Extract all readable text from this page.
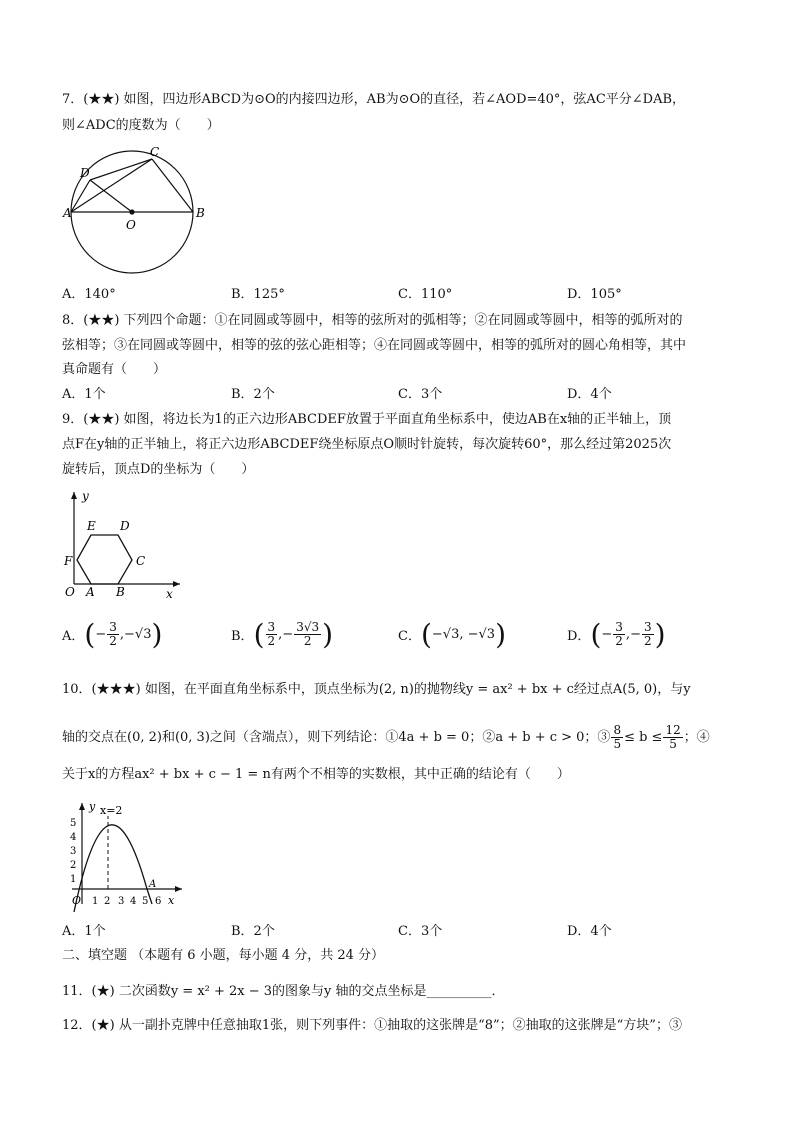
7．(★★) 如图，四边形ABCD为⊙O的内接四边形，AB为⊙O的直径，若∠AOD=40°，弦AC平分∠DAB，
则∠ADC的度数为（　　）
A	B
C
D
O
A．140°	B．125°	C．110°	D．105°
8．(★★) 下列四个命题：①在同圆或等圆中，相等的弦所对的弧相等；②在同圆或等圆中，相等的弧所对的
弦相等；③在同圆或等圆中，相等的弦的弦心距相等；④在同圆或等圆中，相等的弧所对的圆心角相等，其中
真命题有（　　）
A．1个	B．2个	C．3个	D．4个
9．(★★) 如图，将边长为1的正六边形ABCDEF放置于平面直角坐标系中，使边AB在x轴的正半轴上，顶
点F在y轴的正半轴上，将正六边形ABCDEF绕坐标原点O顺时针旋转，每次旋转60°，那么经过第2025次
旋转后，顶点D的坐标为（　　）
y
x
O A B
C
D
E
F
A． ( − $\frac{3}{2}$ , −√3 )	B． ( $\frac{3}{2}$ , − $\frac{3√3}{2}$ )	C． ( −√3, −√3 )	D． ( − $\frac{3}{2}$ , − $\frac{3}{2}$ )
10．(★★★) 如图，在平面直角坐标系中，顶点坐标为(2, n)的抛物线y = ax² + bx + c经过点A(5, 0)，与y
轴的交点在(0, 2)和(0, 3)之间（含端点），则下列结论：①4a + b = 0；②a + b + c > 0；③ $\frac{8}{5} \le b \le \frac{12}{5}$ ；④
关于x的方程ax² + bx + c − 1 = n有两个不相等的实数根，其中正确的结论有（　　）
y x=2
5
4
3
2
1
O 1 2 3 4 5 6 x
A
A．1个	B．2个	C．3个	D．4个
二、填空题 （本题有 6 小题，每小题 4 分，共 24 分）
11．(★) 二次函数y = x² + 2x − 3的图象与y 轴的交点坐标是__________．
12．(★) 从一副扑克牌中任意抽取1张，则下列事件：①抽取的这张牌是“8”；②抽取的这张牌是“方块”；③
